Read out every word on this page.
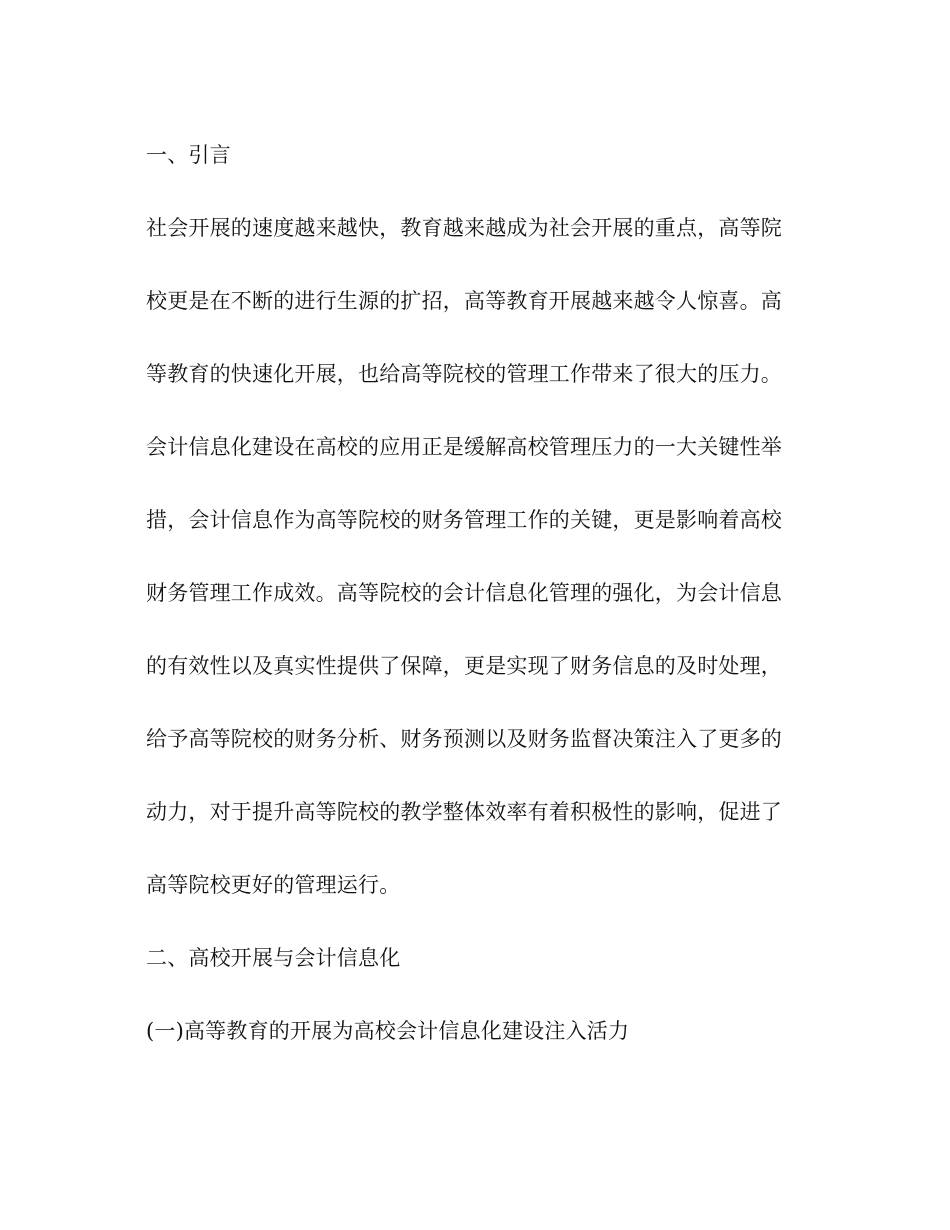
一、引言
社会开展的速度越来越快，教育越来越成为社会开展的重点，高等院
校更是在不断的进行生源的扩招，高等教育开展越来越令人惊喜。高
等教育的快速化开展，也给高等院校的管理工作带来了很大的压力。
会计信息化建设在高校的应用正是缓解高校管理压力的一大关键性举
措，会计信息作为高等院校的财务管理工作的关键，更是影响着高校
财务管理工作成效。高等院校的会计信息化管理的强化，为会计信息
的有效性以及真实性提供了保障，更是实现了财务信息的及时处理，
给予高等院校的财务分析、财务预测以及财务监督决策注入了更多的
动力，对于提升高等院校的教学整体效率有着积极性的影响，促进了
高等院校更好的管理运行。
二、高校开展与会计信息化
(一)高等教育的开展为高校会计信息化建设注入活力
